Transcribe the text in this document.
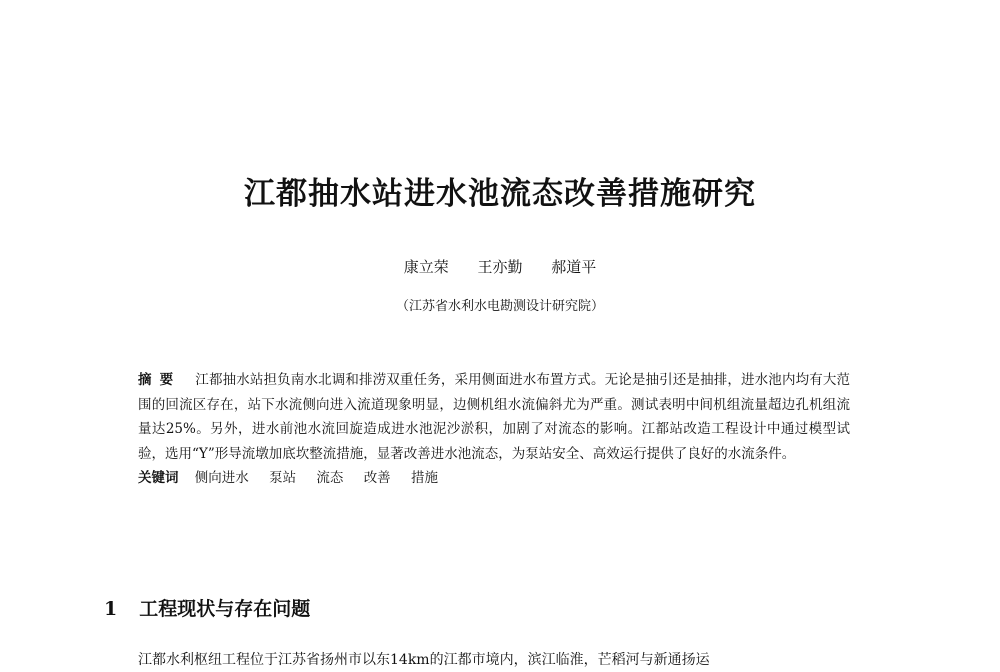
江都抽水站进水池流态改善措施研究
康立荣 王亦勤 郝道平
（江苏省水利水电勘测设计研究院）

摘要 江都抽水站担负南水北调和排涝双重任务，采用侧面进水布置方式。无论是抽引还是抽排，进水池内均有大范围的回流区存在，站下水流侧向进入流道现象明显，边侧机组水流偏斜尤为严重。测试表明中间机组流量超边孔机组流量达25%。另外，进水前池水流回旋造成进水池泥沙淤积，加剧了对流态的影响。江都站改造工程设计中通过模型试验，选用“Y”形导流墩加底坎整流措施，显著改善进水池流态，为泵站安全、高效运行提供了良好的水流条件。

关键词 侧向进水 泵站 流态 改善 措施

1 工程现状与存在问题
江都水利枢纽工程位于江苏省扬州市以东14km的江都市境内，滨江临淮，芒稻河与新通扬运
